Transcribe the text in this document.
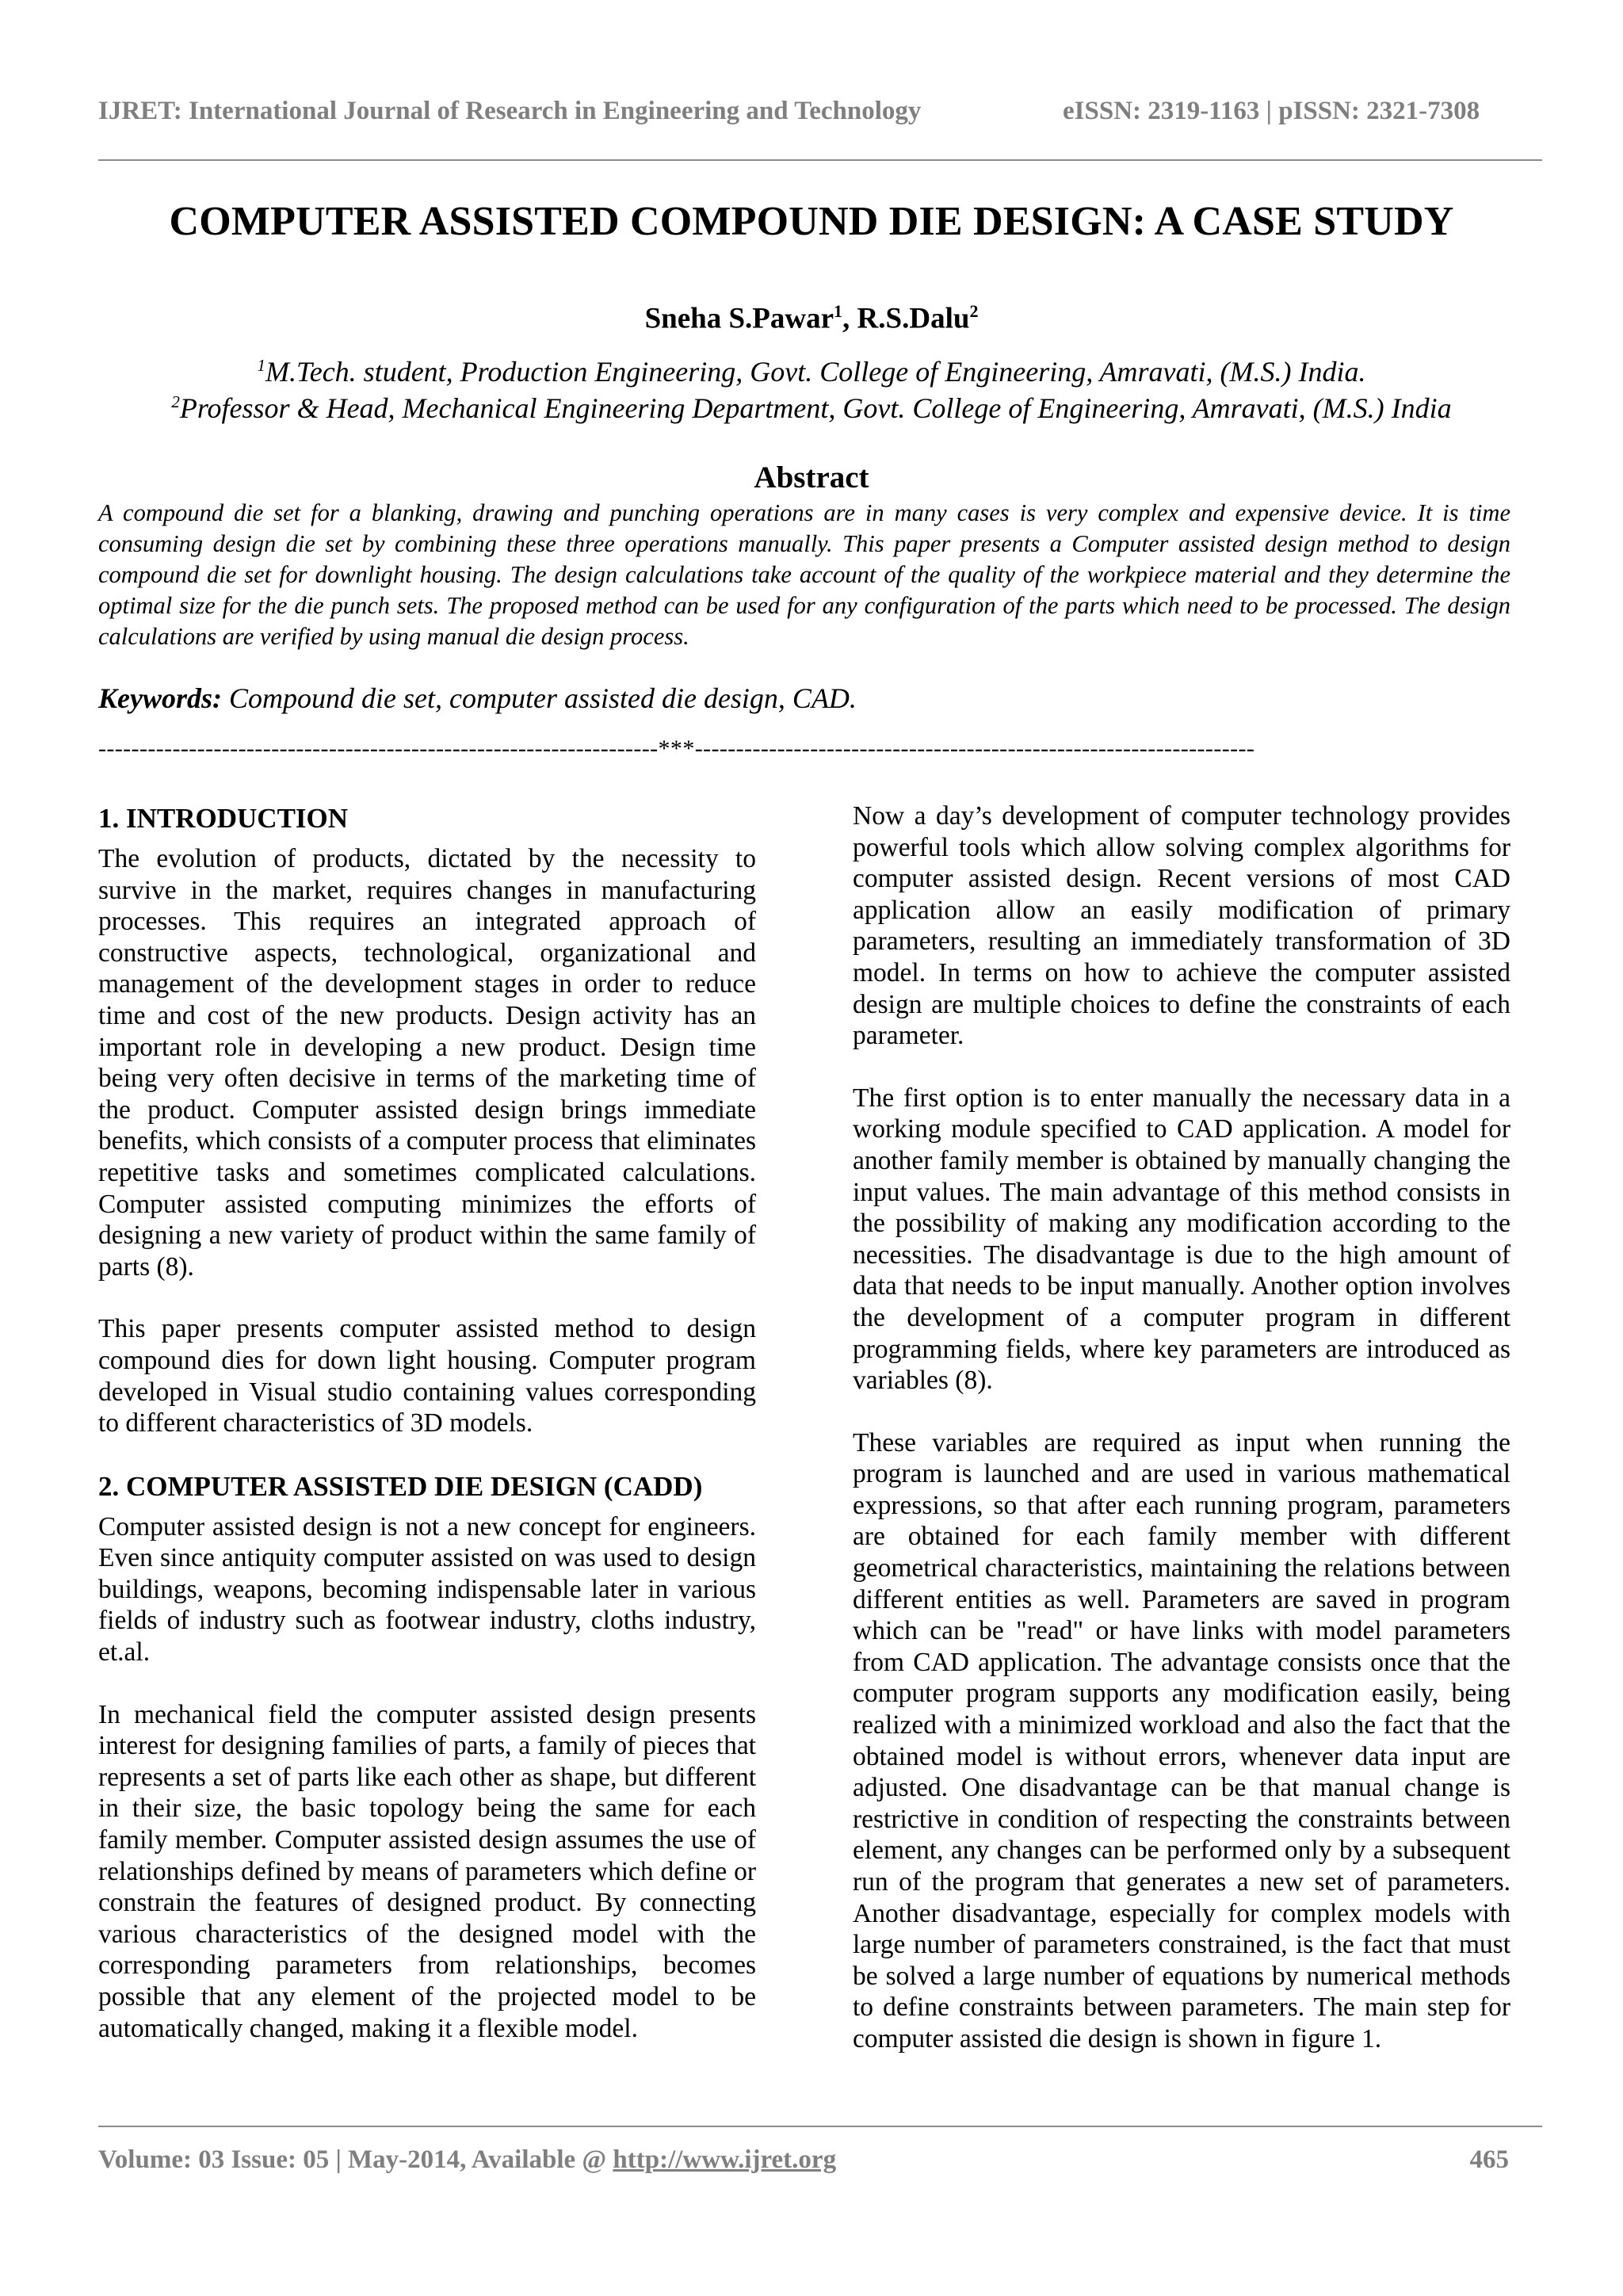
IJRET: International Journal of Research in Engineering and Technology	eISSN: 2319-1163 | pISSN: 2321-7308
COMPUTER ASSISTED COMPOUND DIE DESIGN: A CASE STUDY
Sneha S.Pawar$^1$, R.S.Dalu$^2$
$^1$M.Tech. student, Production Engineering, Govt. College of Engineering, Amravati, (M.S.) India.
$^2$Professor & Head, Mechanical Engineering Department, Govt. College of Engineering, Amravati, (M.S.) India
Abstract
A compound die set for a blanking, drawing and punching operations are in many cases is very complex and expensive device. It is time consuming design die set by combining these three operations manually. This paper presents a Computer assisted design method to design compound die set for downlight housing. The design calculations take account of the quality of the workpiece material and they determine the optimal size for the die punch sets. The proposed method can be used for any configuration of the parts which need to be processed. The design calculations are verified by using manual die design process.
Keywords: Compound die set, computer assisted die design, CAD.
--------------------------------------------------------------------***--------------------------------------------------------------------
1. INTRODUCTION

The evolution of products, dictated by the necessity to survive in the market, requires changes in manufacturing processes. This requires an integrated approach of constructive aspects, technological, organizational and management of the development stages in order to reduce time and cost of the new products. Design activity has an important role in developing a new product. Design time being very often decisive in terms of the marketing time of the product. Computer assisted design brings immediate benefits, which consists of a computer process that eliminates repetitive tasks and sometimes complicated calculations. Computer assisted computing minimizes the efforts of designing a new variety of product within the same family of parts (8).

This paper presents computer assisted method to design compound dies for down light housing. Computer program developed in Visual studio containing values corresponding to different characteristics of 3D models.

2. COMPUTER ASSISTED DIE DESIGN (CADD)

Computer assisted design is not a new concept for engineers. Even since antiquity computer assisted on was used to design buildings, weapons, becoming indispensable later in various fields of industry such as footwear industry, cloths industry, et.al.

In mechanical field the computer assisted design presents interest for designing families of parts, a family of pieces that represents a set of parts like each other as shape, but different in their size, the basic topology being the same for each family member. Computer assisted design assumes the use of relationships defined by means of parameters which define or constrain the features of designed product. By connecting various characteristics of the designed model with the corresponding parameters from relationships, becomes possible that any element of the projected model to be automatically changed, making it a flexible model.

Now a day’s development of computer technology provides powerful tools which allow solving complex algorithms for computer assisted design. Recent versions of most CAD application allow an easily modification of primary parameters, resulting an immediately transformation of 3D model. In terms on how to achieve the computer assisted design are multiple choices to define the constraints of each parameter.

The first option is to enter manually the necessary data in a working module specified to CAD application. A model for another family member is obtained by manually changing the input values. The main advantage of this method consists in the possibility of making any modification according to the necessities. The disadvantage is due to the high amount of data that needs to be input manually. Another option involves the development of a computer program in different programming fields, where key parameters are introduced as variables (8).

These variables are required as input when running the program is launched and are used in various mathematical expressions, so that after each running program, parameters are obtained for each family member with different geometrical characteristics, maintaining the relations between different entities as well. Parameters are saved in program which can be "read" or have links with model parameters from CAD application. The advantage consists once that the computer program supports any modification easily, being realized with a minimized workload and also the fact that the obtained model is without errors, whenever data input are adjusted. One disadvantage can be that manual change is restrictive in condition of respecting the constraints between element, any changes can be performed only by a subsequent run of the program that generates a new set of parameters. Another disadvantage, especially for complex models with large number of parameters constrained, is the fact that must be solved a large number of equations by numerical methods to define constraints between parameters. The main step for computer assisted die design is shown in figure 1.

Volume: 03 Issue: 05 | May-2014, Available @ http://www.ijret.org	465
